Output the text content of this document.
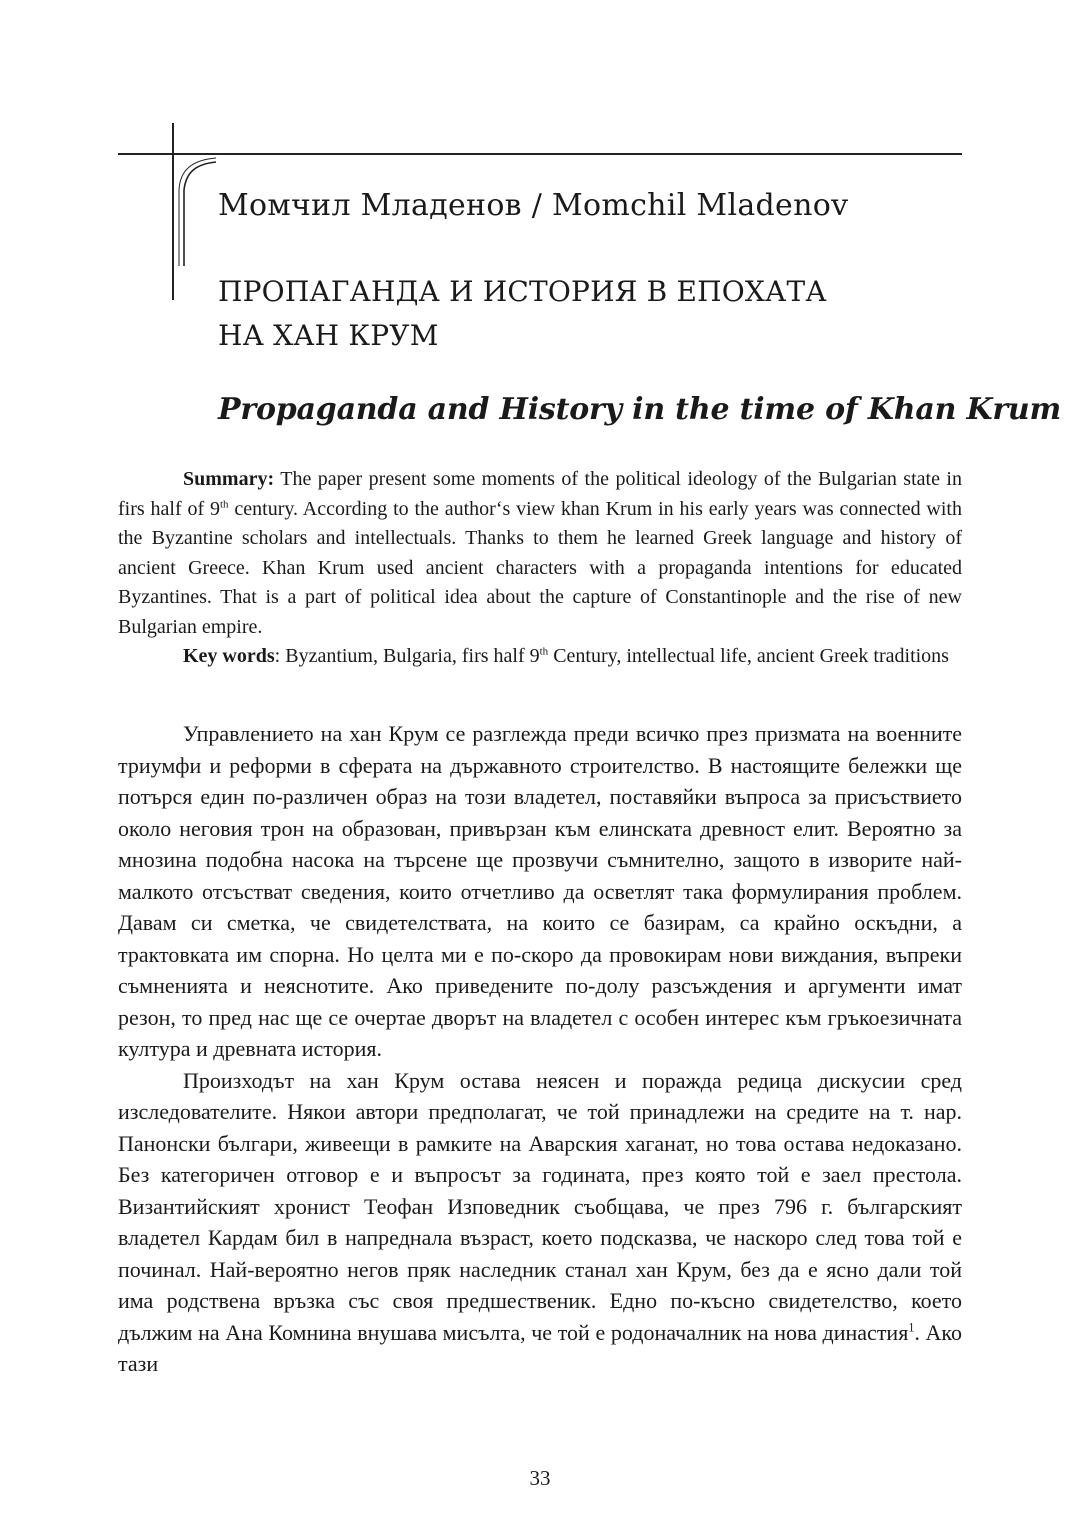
Момчил Младенов / Momchil Mladenov
ПРОПАГАНДА И ИСТОРИЯ В ЕПОХАТА
НА ХАН КРУМ
Propaganda and History in the time of Khan Krum

Summary: The paper present some moments of the political ideology of the Bulgarian state in firs half of 9th century. According to the author‘s view khan Krum in his early years was connected with the Byzantine scholars and intellectuals. Thanks to them he learned Greek language and history of ancient Greece. Khan Krum used ancient characters with a propaganda intentions for educated Byzantines. That is a part of political idea about the capture of Constantinople and the rise of new Bulgarian empire.

Key words: Byzantium, Bulgaria, firs half 9th Century, intellectual life, ancient Greek traditions

Управлението на хан Крум се разглежда преди всичко през призмата на военните триумфи и реформи в сферата на държавното строителство. В настоящите бележки ще потърся един по-различен образ на този владетел, поставяйки въпроса за присъствието около неговия трон на образован, привързан към елинската древност елит. Вероятно за мнозина подобна насока на търсене ще прозвучи съмнително, защото в изворите най-малкото отсъстват сведения, които отчетливо да осветлят така формулирания проблем. Давам си сметка, че свидетелствата, на които се базирам, са крайно оскъдни, а трактовката им спорна. Но целта ми е по-скоро да провокирам нови виждания, въпреки съмненията и неяснотите. Ако приведените по-долу разсъждения и аргументи имат резон, то пред нас ще се очертае дворът на владетел с особен интерес към гръкоезичната култура и древната история.

Произходът на хан Крум остава неясен и поражда редица дискусии сред изследователите. Някои автори предполагат, че той принадлежи на средите на т. нар. Панонски българи, живеещи в рамките на Аварския хаганат, но това остава недоказано. Без категоричен отговор е и въпросът за годината, през която той е заел престола. Византийският хронист Теофан Изповедник съобщава, че през 796 г. българският владетел Кардам бил в напреднала възраст, което подсказва, че наскоро след това той е починал. Най-вероятно негов пряк наследник станал хан Крум, без да е ясно дали той има родствена връзка със своя предшественик. Едно по-късно свидетелство, което дължим на Ана Комнина внушава мисълта, че той е родоначалник на нова династия$^1$. Ако тази

33
